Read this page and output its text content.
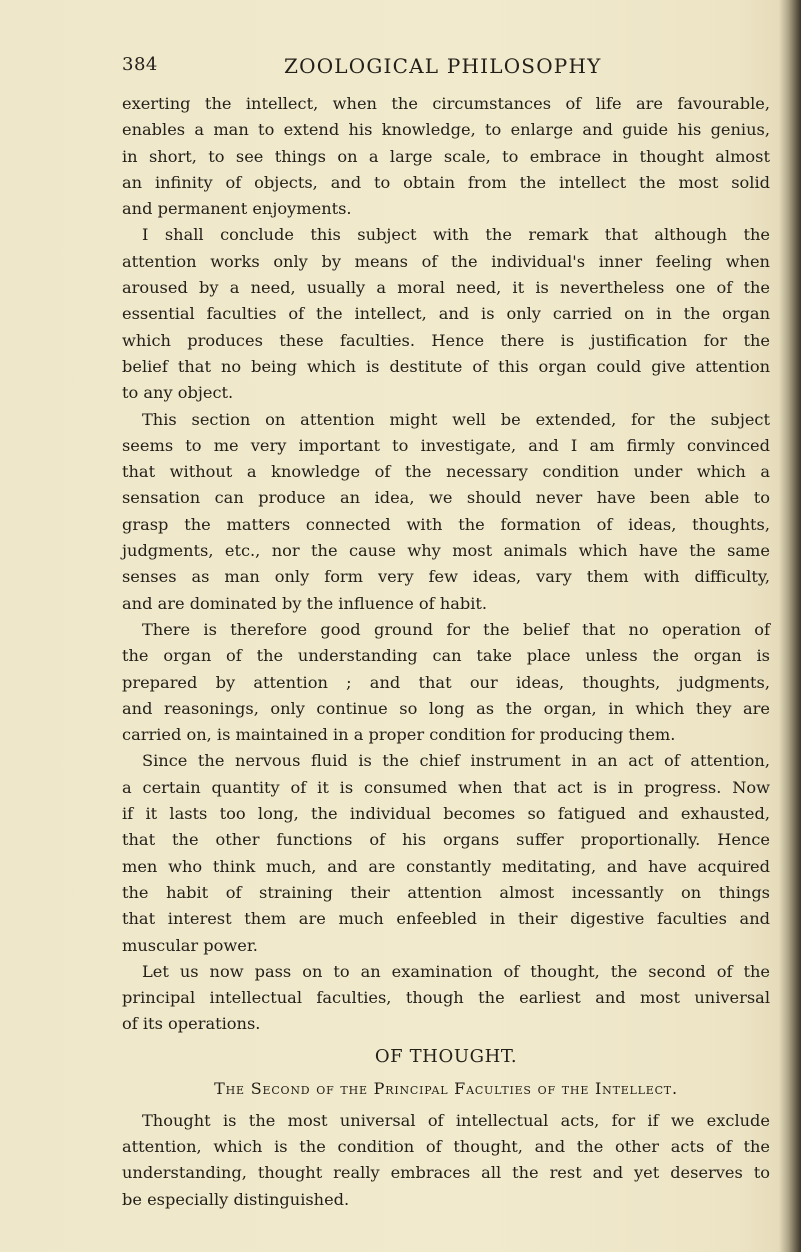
384	ZOOLOGICAL PHILOSOPHY
exerting the intellect, when the circumstances of life are favourable,
enables a man to extend his knowledge, to enlarge and guide his genius,
in short, to see things on a large scale, to embrace in thought almost
an infinity of objects, and to obtain from the intellect the most solid
and permanent enjoyments.
I shall conclude this subject with the remark that although the
attention works only by means of the individual's inner feeling when
aroused by a need, usually a moral need, it is nevertheless one of the
essential faculties of the intellect, and is only carried on in the organ
which produces these faculties. Hence there is justification for the
belief that no being which is destitute of this organ could give attention
to any object.
This section on attention might well be extended, for the subject
seems to me very important to investigate, and I am firmly convinced
that without a knowledge of the necessary condition under which a
sensation can produce an idea, we should never have been able to
grasp the matters connected with the formation of ideas, thoughts,
judgments, etc., nor the cause why most animals which have the same
senses as man only form very few ideas, vary them with difficulty,
and are dominated by the influence of habit.
There is therefore good ground for the belief that no operation of
the organ of the understanding can take place unless the organ is
prepared by attention ; and that our ideas, thoughts, judgments,
and reasonings, only continue so long as the organ, in which they are
carried on, is maintained in a proper condition for producing them.
Since the nervous fluid is the chief instrument in an act of attention,
a certain quantity of it is consumed when that act is in progress. Now
if it lasts too long, the individual becomes so fatigued and exhausted,
that the other functions of his organs suffer proportionally. Hence
men who think much, and are constantly meditating, and have acquired
the habit of straining their attention almost incessantly on things
that interest them are much enfeebled in their digestive faculties and
muscular power.
Let us now pass on to an examination of thought, the second of the
principal intellectual faculties, though the earliest and most universal
of its operations.
OF THOUGHT.
The Second of the Principal Faculties of the Intellect.
Thought is the most universal of intellectual acts, for if we exclude
attention, which is the condition of thought, and the other acts of the
understanding, thought really embraces all the rest and yet deserves to
be especially distinguished.
